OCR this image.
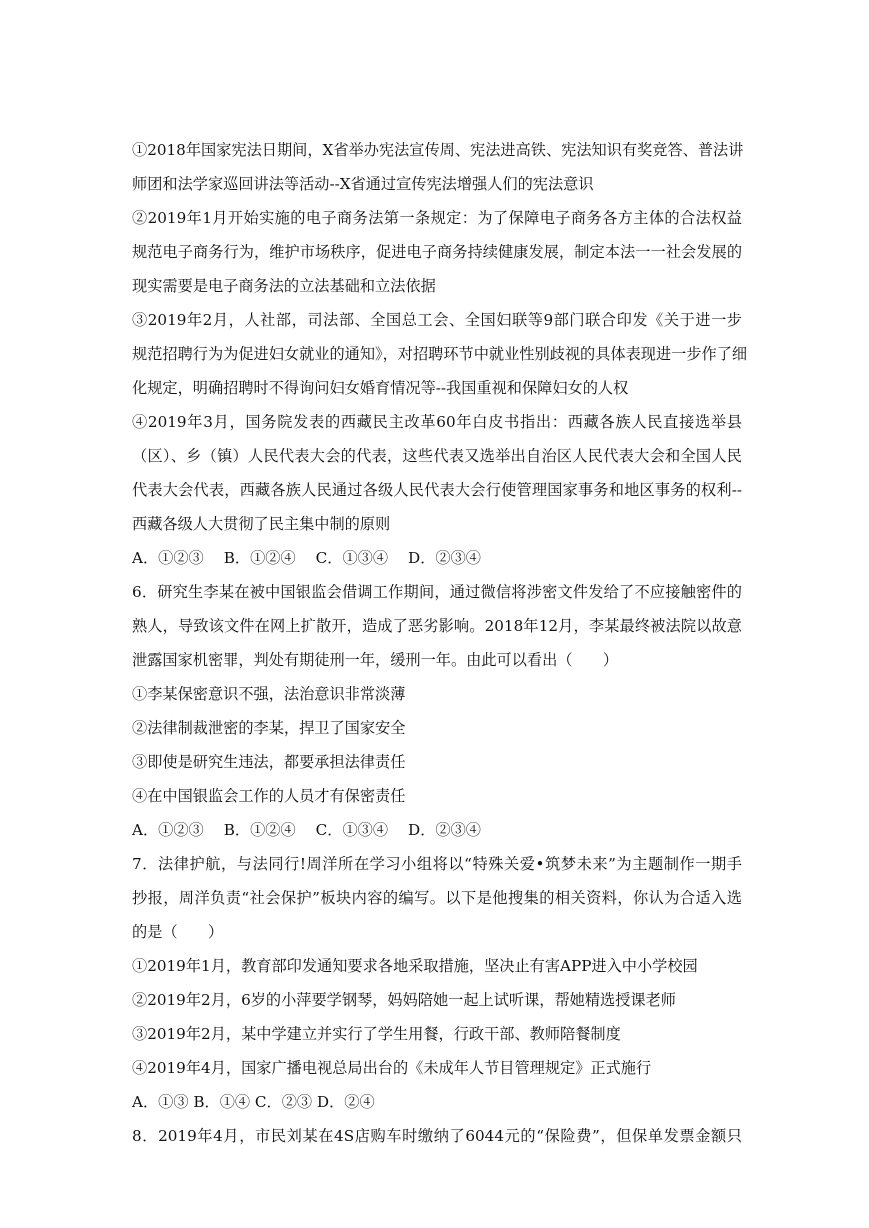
①2018年国家宪法日期间，X省举办宪法宣传周、宪法进高铁、宪法知识有奖竞答、普法讲
师团和法学家巡回讲法等活动--X省通过宣传宪法增强人们的宪法意识
②2019年1月开始实施的电子商务法第一条规定：为了保障电子商务各方主体的合法权益
规范电子商务行为，维护市场秩序，促进电子商务持续健康发展，制定本法一一社会发展的
现实需要是电子商务法的立法基础和立法依据
③2019年2月，人社部，司法部、全国总工会、全国妇联等9部门联合印发《关于进一步
规范招聘行为为促进妇女就业的通知》，对招聘环节中就业性别歧视的具体表现进一步作了细
化规定，明确招聘时不得询问妇女婚育情况等--我国重视和保障妇女的人权
④2019年3月，国务院发表的西藏民主改革60年白皮书指出：西藏各族人民直接选举县
（区）、乡（镇）人民代表大会的代表，这些代表又选举出自治区人民代表大会和全国人民
代表大会代表，西藏各族人民通过各级人民代表大会行使管理国家事务和地区事务的权利--
西藏各级人大贯彻了民主集中制的原则
A．①②③　 B．①②④　 C．①③④　 D．②③④
6．研究生李某在被中国银监会借调工作期间，通过微信将涉密文件发给了不应接触密件的
熟人，导致该文件在网上扩散开，造成了恶劣影响。2018年12月，李某最终被法院以故意
泄露国家机密罪，判处有期徒刑一年，缓刑一年。由此可以看出（　　）
①李某保密意识不强，法治意识非常淡薄
②法律制裁泄密的李某，捍卫了国家安全
③即使是研究生违法，都要承担法律责任
④在中国银监会工作的人员才有保密责任
A．①②③　 B．①②④　 C．①③④　 D．②③④
7．法律护航，与法同行!周洋所在学习小组将以“特殊关爱•筑梦未来”为主题制作一期手
抄报，周洋负责“社会保护”板块内容的编写。以下是他搜集的相关资料，你认为合适入选
的是（　　）
①2019年1月，教育部印发通知要求各地采取措施，坚决止有害APP进入中小学校园
②2019年2月，6岁的小萍要学钢琴，妈妈陪她一起上试听课，帮她精选授课老师
③2019年2月，某中学建立并实行了学生用餐，行政干部、教师陪餐制度
④2019年4月，国家广播电视总局出台的《未成年人节目管理规定》正式施行
A．①③ B．①④ C．②③ D．②④
8．2019年4月，市民刘某在4S店购车时缴纳了6044元的“保险费”，但保单发票金额只
